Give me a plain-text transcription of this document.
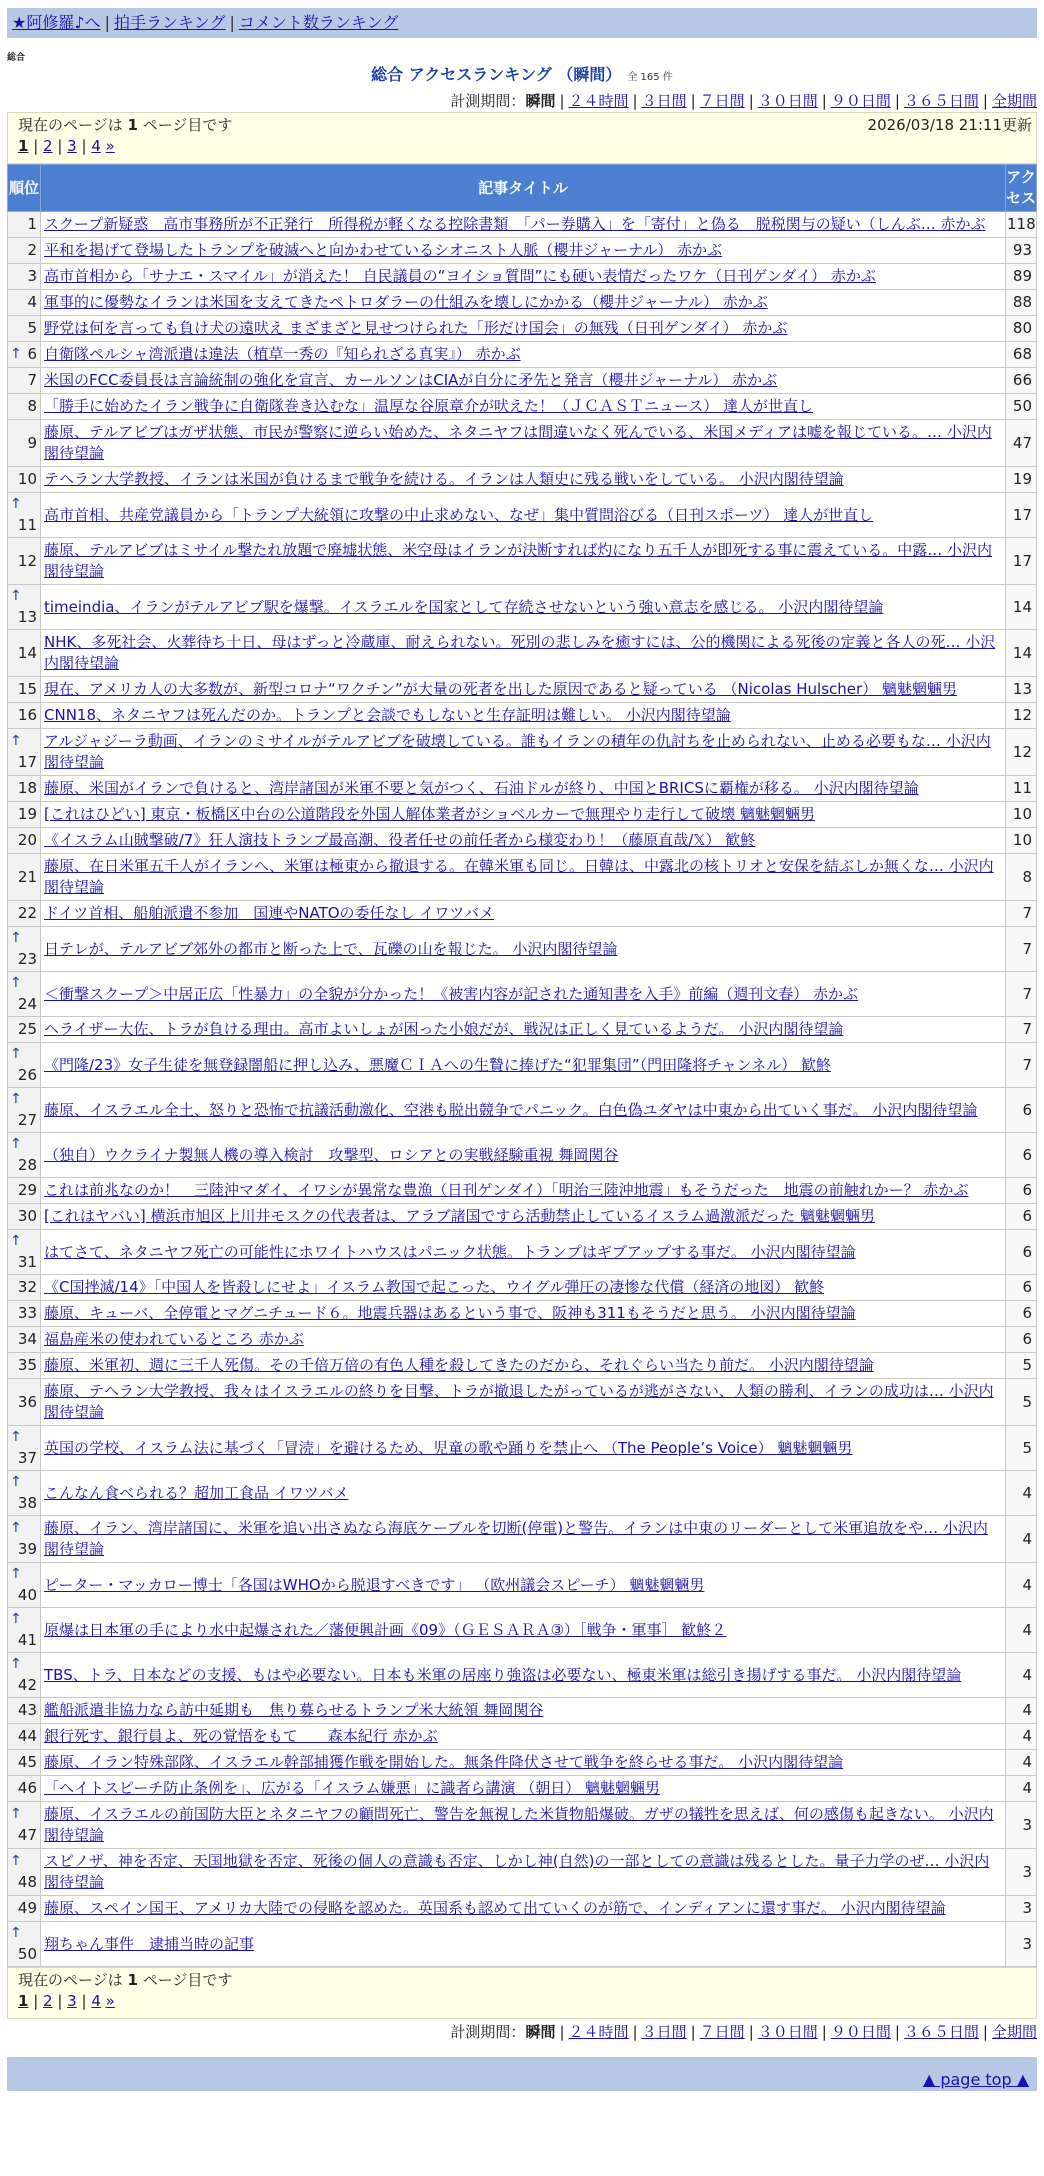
★阿修羅♪へ | 拍手ランキング | コメント数ランキング
総合
総合 アクセスランキング （瞬間） 全 165 件
計測期間：瞬間 | ２４時間 | ３日間 | ７日間 | ３０日間 | ９０日間 | ３６５日間 | 全期間
現在のページは 1 ページ目です
1 | 2 | 3 | 4 »
2026/03/18 21:11更新
順位	記事タイトル	アクセス
1	スクープ新疑惑　高市事務所が不正発行　所得税が軽くなる控除書類　「パー券購入」を「寄付」と偽る　脱税関与の疑い（しんぶ… 赤かぶ	118
2	平和を掲げて登場したトランプを破滅へと向かわせているシオニスト人脈（櫻井ジャーナル） 赤かぶ	93
3	高市首相から「サナエ・スマイル」が消えた！ 自民議員の“ヨイショ質問”にも硬い表情だったワケ（日刊ゲンダイ） 赤かぶ	89
4	軍事的に優勢なイランは米国を支えてきたペトロダラーの仕組みを壊しにかかる（櫻井ジャーナル） 赤かぶ	88
5	野党は何を言っても負け犬の遠吠え まざまざと見せつけられた「形だけ国会」の無残（日刊ゲンダイ） 赤かぶ	80

↑ 6	自衛隊ペルシャ湾派遣は違法（植草一秀の『知られざる真実』） 赤かぶ	68
7	米国のFCC委員長は言論統制の強化を宣言、カールソンはCIAが自分に矛先と発言（櫻井ジャーナル） 赤かぶ	66
8	「勝手に始めたイラン戦争に自衛隊巻き込むな」温厚な谷原章介が吠えた！（ＪＣＡＳＴニュース） 達人が世直し	50
9	藤原、テルアビブはガザ状態、市民が警察に逆らい始めた、ネタニヤフは間違いなく死んでいる、米国メディアは嘘を報じている。… 小沢内閣待望論	47
10	テヘラン大学教授、イランは米国が負けるまで戦争を続ける。イランは人類史に残る戦いをしている。 小沢内閣待望論	19

↑
11	高市首相、共産党議員から「トランプ大統領に攻撃の中止求めない、なぜ」集中質問浴びる（日刊スポーツ） 達人が世直し	17
12	藤原、テルアビブはミサイル撃たれ放題で廃墟状態、米空母はイランが決断すれば灼になり五千人が即死する事に震えている。中露… 小沢内閣待望論	17

↑
13	timeindia、イランがテルアビブ駅を爆撃。イスラエルを国家として存続させないという強い意志を感じる。 小沢内閣待望論	14
14	NHK、多死社会、火葬待ち十日、母はずっと冷蔵庫、耐えられない。死別の悲しみを癒すには、公的機関による死後の定義と各人の死… 小沢内閣待望論	14
15	現在、アメリカ人の大多数が、新型コロナ“ワクチン”が大量の死者を出した原因であると疑っている （Nicolas Hulscher） 魑魅魍魎男	13
16	CNN18、ネタニヤフは死んだのか。トランプと会談でもしないと生存証明は難しい。 小沢内閣待望論	12

↑
17	アルジャジーラ動画、イランのミサイルがテルアビブを破壊している。誰もイランの積年の仇討ちを止められない、止める必要もな… 小沢内閣待望論	12
18	藤原、米国がイランで負けると、湾岸諸国が米軍不要と気がつく、石油ドルが終り、中国とBRICSに覇権が移る。 小沢内閣待望論	11
19	[これはひどい] 東京・板橋区中台の公道階段を外国人解体業者がショベルカーで無理やり走行して破壊 魑魅魍魎男	10
20	《イスラム山賊撃破/7》狂人演技トランプ最高潮、役者任せの前任者から様変わり！（藤原直哉/𝕏） 歓鮗	10
21	藤原、在日米軍五千人がイランへ、米軍は極東から撤退する。在韓米軍も同じ。日韓は、中露北の核トリオと安保を結ぶしか無くな… 小沢内閣待望論	8
22	ドイツ首相、船舶派遣不参加　国連やNATOの委任なし イワツバメ	7

↑
23	日テレが、テルアビブ郊外の都市と断った上で、瓦礫の山を報じた。 小沢内閣待望論	7

↑
24	＜衝撃スクープ＞中居正広「性暴力」の全貌が分かった！《被害内容が記された通知書を入手》前編（週刊文春） 赤かぶ	7
25	ヘライザー大佐、トラが負ける理由。高市よいしょが困った小娘だが、戦況は正しく見ているようだ。 小沢内閣待望論	7

↑
26	《門隆/23》女子生徒を無登録闇船に押し込み、悪魔ＣＩＡへの生贄に捧げた“犯罪集団”（門田隆将チャンネル） 歓鮗	7

↑
27	藤原、イスラエル全土、怒りと恐怖で抗議活動激化、空港も脱出競争でパニック。白色偽ユダヤは中東から出ていく事だ。 小沢内閣待望論	6

↑
28	（独自）ウクライナ製無人機の導入検討　攻撃型、ロシアとの実戦経験重視 舞岡関谷	6
29	これは前兆なのか！　三陸沖マダイ、イワシが異常な豊漁（日刊ゲンダイ）「明治三陸沖地震」もそうだった　地震の前触れかー？ 赤かぶ	6
30	[これはヤバい] 横浜市旭区上川井モスクの代表者は、アラブ諸国ですら活動禁止しているイスラム過激派だった 魑魅魍魎男	6

↑
31	はてさて、ネタニヤフ死亡の可能性にホワイトハウスはパニック状態。トランプはギブアップする事だ。 小沢内閣待望論	6
32	《C国挫滅/14》「中国人を皆殺しにせよ」イスラム教国で起こった、ウイグル弾圧の凄惨な代償（経済の地図） 歓鮗	6
33	藤原、キューバ、全停電とマグニチュード６。地震兵器はあるという事で、阪神も311もそうだと思う。 小沢内閣待望論	6
34	福島産米の使われているところ 赤かぶ	6
35	藤原、米軍初、週に三千人死傷。その千倍万倍の有色人種を殺してきたのだから、それぐらい当たり前だ。 小沢内閣待望論	5
36	藤原、テヘラン大学教授、我々はイスラエルの終りを目撃、トラが撤退したがっているが逃がさない、人類の勝利、イランの成功は… 小沢内閣待望論	5

↑
37	英国の学校、イスラム法に基づく「冒涜」を避けるため、児童の歌や踊りを禁止へ （The People’s Voice） 魑魅魍魎男	5

↑
38	こんなん食べられる？超加工食品 イワツバメ	4

↑
39	藤原、イラン、湾岸諸国に、米軍を追い出さぬなら海底ケーブルを切断(停電)と警告。イランは中東のリーダーとして米軍追放をや… 小沢内閣待望論	4

↑
40	ピーター・マッカロー博士「各国はWHOから脱退すべきです」 （欧州議会スピーチ） 魑魅魍魎男	4

↑
41	原爆は日本軍の手により水中起爆された／藩便興計画《09》（ＧＥＳＡＲＡ③）［戦争・軍事］ 歓鮗２	4

↑
42	TBS、トラ、日本などの支援、もはや必要ない。日本も米軍の居座り強盗は必要ない、極東米軍は総引き揚げする事だ。 小沢内閣待望論	4
43	艦船派遣非協力なら訪中延期も　焦り募らせるトランプ米大統領 舞岡関谷	4
44	銀行死す、銀行員よ、死の覚悟をもて　　森本紀行 赤かぶ	4
45	藤原、イラン特殊部隊、イスラエル幹部捕獲作戦を開始した。無条件降伏させて戦争を終らせる事だ。 小沢内閣待望論	4
46	「ヘイトスピーチ防止条例を」、広がる「イスラム嫌悪」に識者ら講演 （朝日） 魑魅魍魎男	4

↑
47	藤原、イスラエルの前国防大臣とネタニヤフの顧問死亡、警告を無視した米貨物船爆破。ガザの犠牲を思えば、何の感傷も起きない。 小沢内閣待望論	3

↑
48	スピノザ、神を否定、天国地獄を否定、死後の個人の意識も否定、しかし神(自然)の一部としての意識は残るとした。量子力学のぜ… 小沢内閣待望論	3
49	藤原、スペイン国王、アメリカ大陸での侵略を認めた。英国系も認めて出ていくのが筋で、インディアンに還す事だ。 小沢内閣待望論	3

↑
50	翔ちゃん事件　逮捕当時の記事	3
現在のページは 1 ページ目です
1 | 2 | 3 | 4 »
計測期間：瞬間 | ２４時間 | ３日間 | ７日間 | ３０日間 | ９０日間 | ３６５日間 | 全期間
▲ page top ▲
